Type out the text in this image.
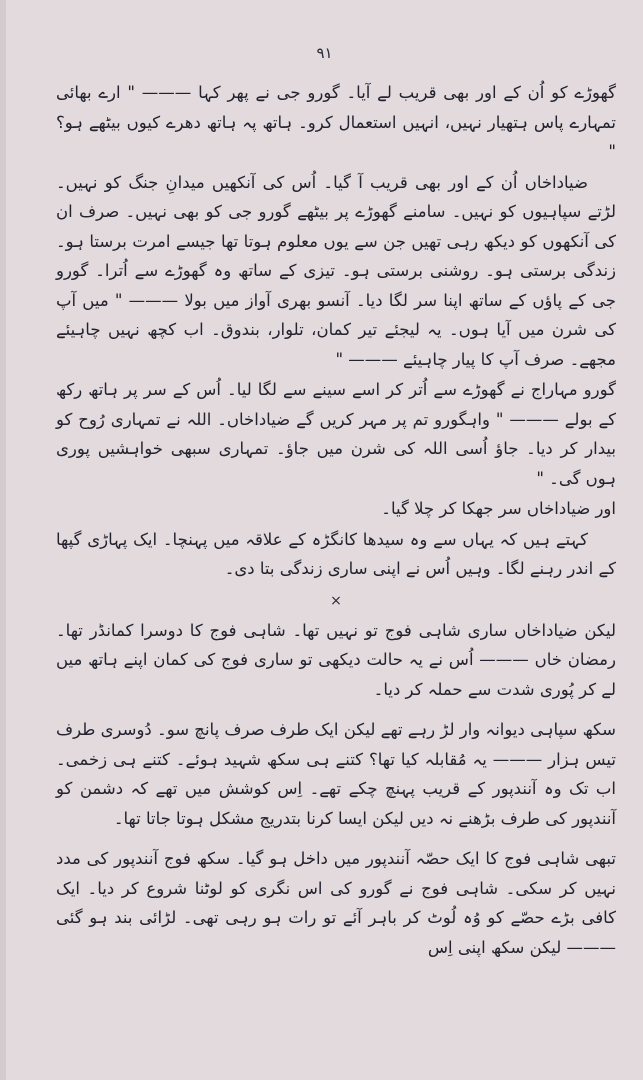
۹۱

گھوڑے کو اُن کے اور بھی قریب لے آیا۔ گورو جی نے پھر کہا ——— " ارے بھائی تمہارے پاس ہتھیار نہیں، انہیں استعمال کرو۔ ہاتھ پہ ہاتھ دھرے کیوں بیٹھے ہو؟ "

ضیاداخاں اُن کے اور بھی قریب آ گیا۔ اُس کی آنکھیں میدانِ جنگ کو نہیں۔ لڑتے سپاہیوں کو نہیں۔ سامنے گھوڑے پر بیٹھے گورو جی کو بھی نہیں۔ صرف ان کی آنکھوں کو دیکھ رہی تھیں جن سے یوں معلوم ہوتا تھا جیسے امرت برستا ہو۔ زندگی برستی ہو۔ روشنی برستی ہو۔ تیزی کے ساتھ وہ گھوڑے سے اُترا۔ گورو جی کے پاؤں کے ساتھ اپنا سر لگا دیا۔ آنسو بھری آواز میں بولا ——— " میں آپ کی شرن میں آیا ہوں۔ یہ لیجئے تیر کمان، تلوار، بندوق۔ اب کچھ نہیں چاہیئے مجھے۔ صرف آپ کا پیار چاہیئے ——— "

گورو مہاراج نے گھوڑے سے اُتر کر اسے سینے سے لگا لیا۔ اُس کے سر پر ہاتھ رکھ کے بولے ——— " واہگورو تم پر مہر کریں گے ضیاداخاں۔ اللہ نے تمہاری رُوح کو بیدار کر دیا۔ جاؤ اُسی اللہ کی شرن میں جاؤ۔ تمہاری سبھی خواہشیں پوری ہوں گی۔ "

اور ضیاداخاں سر جھکا کر چلا گیا۔

کہتے ہیں کہ یہاں سے وہ سیدھا کانگڑہ کے علاقہ میں پہنچا۔ ایک پہاڑی گپھا کے اندر رہنے لگا۔ وہیں اُس نے اپنی ساری زندگی بتا دی۔

×

لیکن ضیاداخاں ساری شاہی فوج تو نہیں تھا۔ شاہی فوج کا دوسرا کمانڈر تھا۔ رمضان خاں ——— اُس نے یہ حالت دیکھی تو ساری فوج کی کمان اپنے ہاتھ میں لے کر پُوری شدت سے حملہ کر دیا۔

سکھ سپاہی دیوانہ وار لڑ رہے تھے لیکن ایک طرف صرف پانچ سو۔ دُوسری طرف تیس ہزار ——— یہ مُقابلہ کیا تھا؟ کتنے ہی سکھ شہید ہوئے۔ کتنے ہی زخمی۔ اب تک وہ آنندپور کے قریب پہنچ چکے تھے۔ اِس کوشش میں تھے کہ دشمن کو آنندپور کی طرف بڑھنے نہ دیں لیکن ایسا کرنا بتدریج مشکل ہوتا جاتا تھا۔

تبھی شاہی فوج کا ایک حصّہ آنندپور میں داخل ہو گیا۔ سکھ فوج آنندپور کی مدد نہیں کر سکی۔ شاہی فوج نے گورو کی اس نگری کو لوٹنا شروع کر دیا۔ ایک کافی بڑے حصّے کو وُہ لُوٹ کر باہر آئے تو رات ہو رہی تھی۔ لڑائی بند ہو گئی ——— لیکن سکھ اپنی اِس
